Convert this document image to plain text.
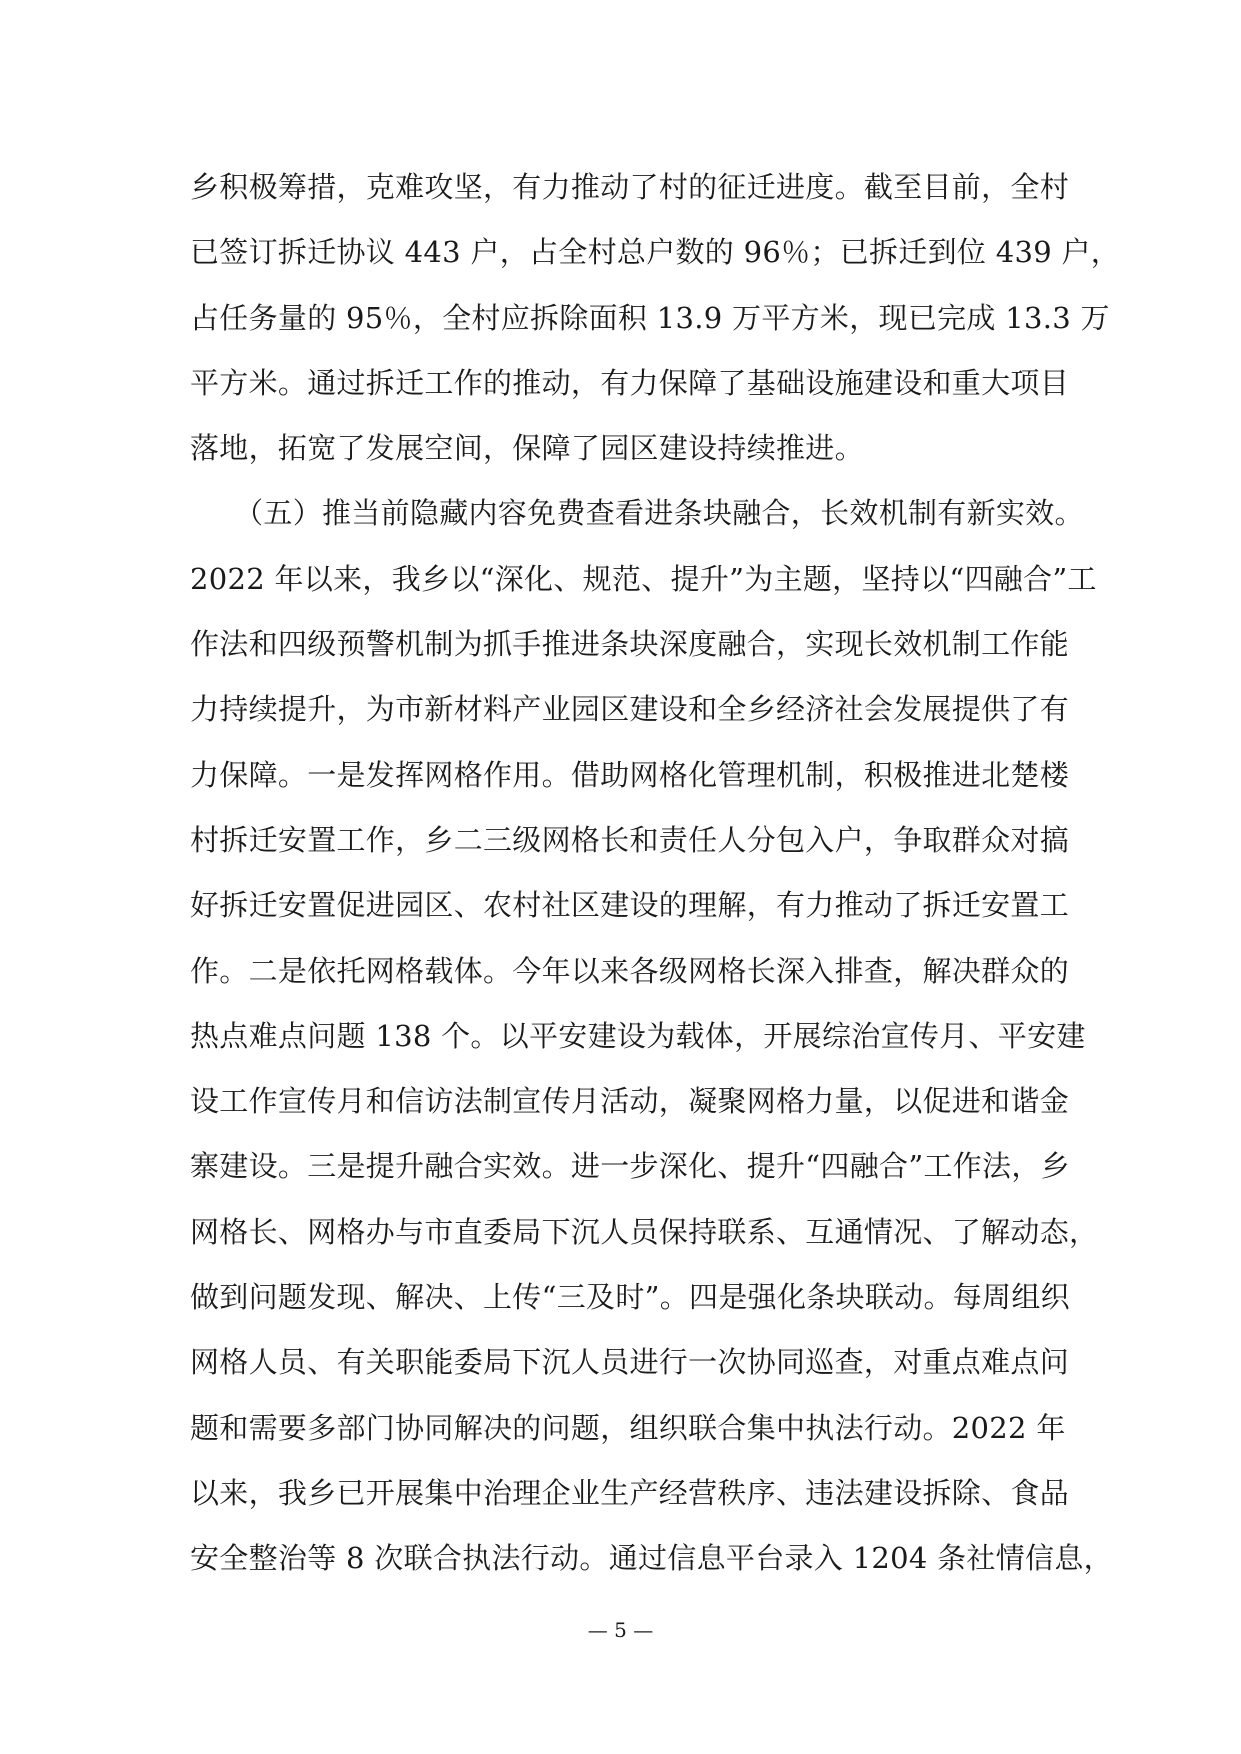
乡积极筹措，克难攻坚，有力推动了村的征迁进度。截至目前，全村
已签订拆迁协议 443 户，占全村总户数的 96％；已拆迁到位 439 户，
占任务量的 95％，全村应拆除面积 13.9 万平方米，现已完成 13.3 万
平方米。通过拆迁工作的推动，有力保障了基础设施建设和重大项目
落地，拓宽了发展空间，保障了园区建设持续推进。
　　（五）推当前隐藏内容免费查看进条块融合，长效机制有新实效。
2022 年以来，我乡以“深化、规范、提升”为主题，坚持以“四融合”工
作法和四级预警机制为抓手推进条块深度融合，实现长效机制工作能
力持续提升，为市新材料产业园区建设和全乡经济社会发展提供了有
力保障。一是发挥网格作用。借助网格化管理机制，积极推进北楚楼
村拆迁安置工作，乡二三级网格长和责任人分包入户，争取群众对搞
好拆迁安置促进园区、农村社区建设的理解，有力推动了拆迁安置工
作。二是依托网格载体。今年以来各级网格长深入排查，解决群众的
热点难点问题 138 个。以平安建设为载体，开展综治宣传月、平安建
设工作宣传月和信访法制宣传月活动，凝聚网格力量，以促进和谐金
寨建设。三是提升融合实效。进一步深化、提升“四融合”工作法，乡
网格长、网格办与市直委局下沉人员保持联系、互通情况、了解动态，
做到问题发现、解决、上传“三及时”。四是强化条块联动。每周组织
网格人员、有关职能委局下沉人员进行一次协同巡查，对重点难点问
题和需要多部门协同解决的问题，组织联合集中执法行动。2022 年
以来，我乡已开展集中治理企业生产经营秩序、违法建设拆除、食品
安全整治等 8 次联合执法行动。通过信息平台录入 1204 条社情信息，
— 5 —
